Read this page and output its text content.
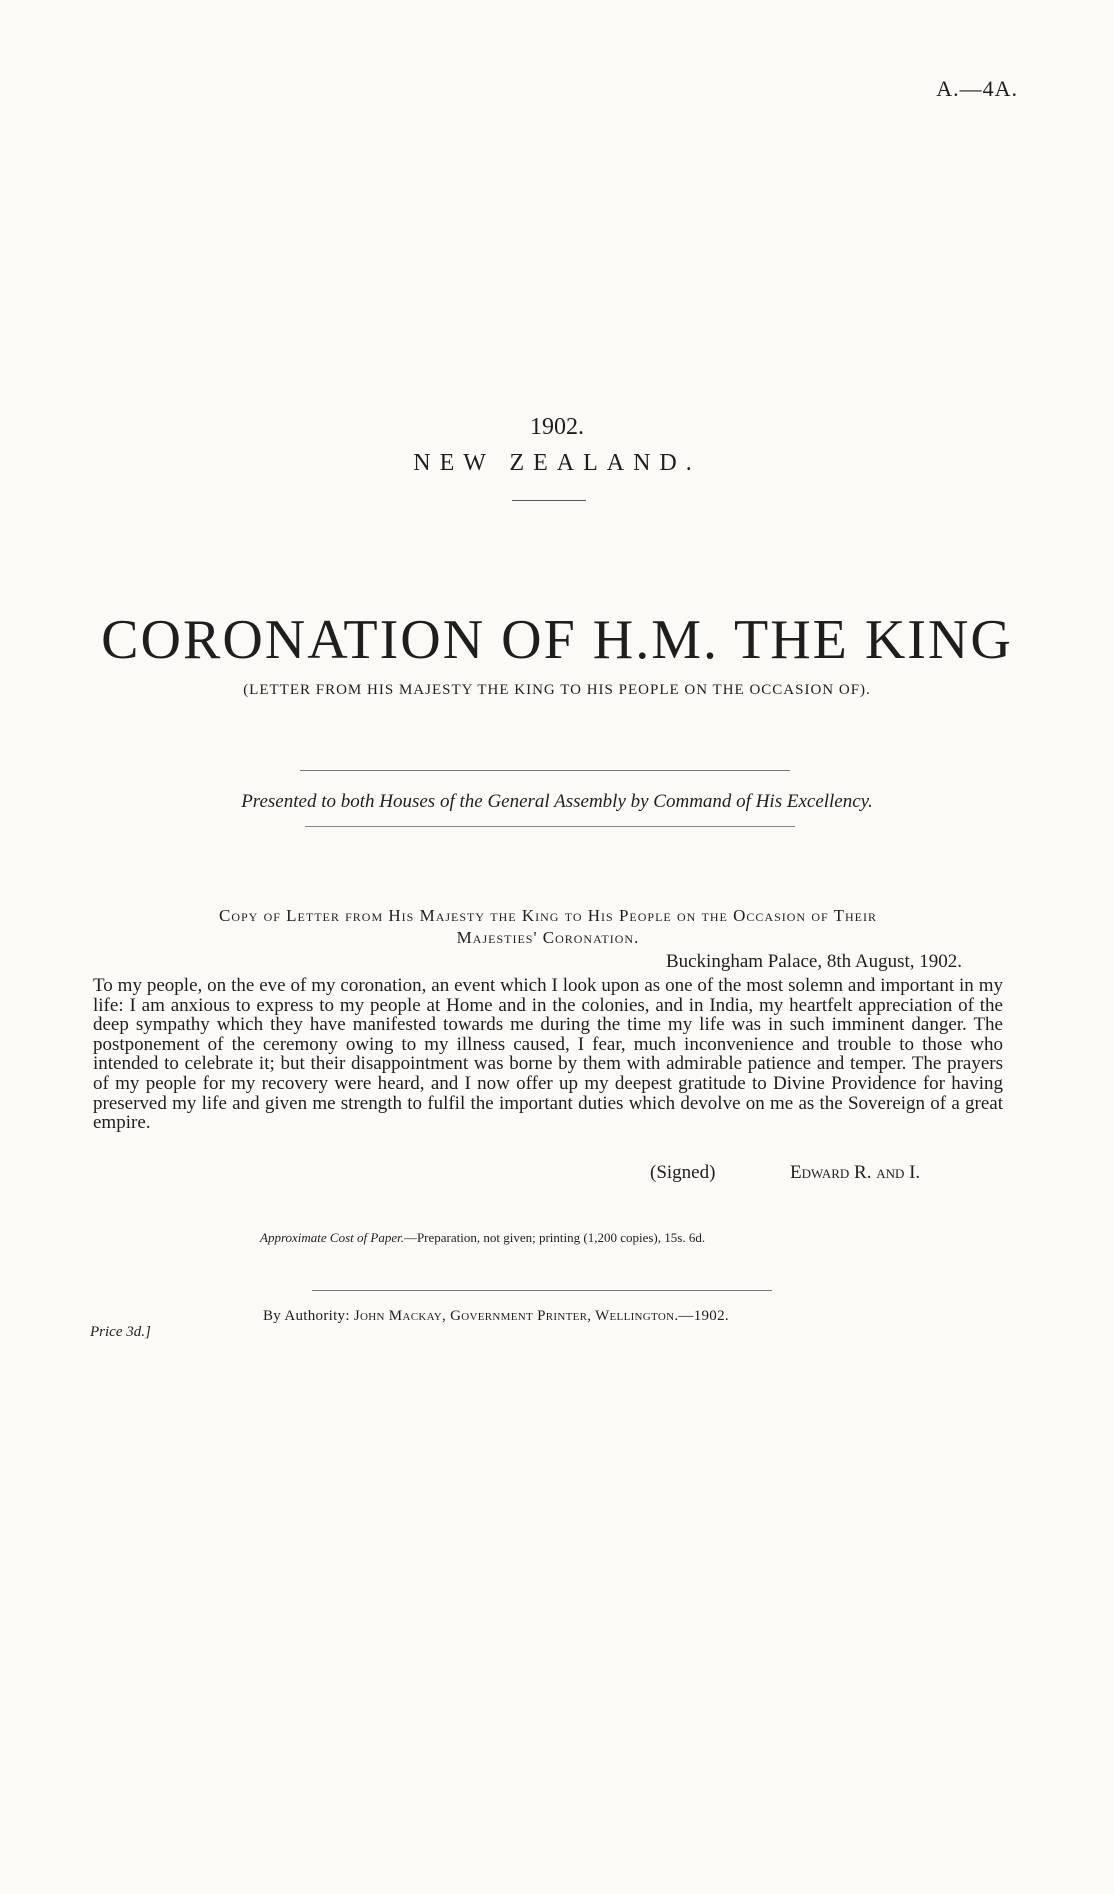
A.—4A.
1902.
NEW ZEALAND.
CORONATION OF H.M. THE KING
(LETTER FROM HIS MAJESTY THE KING TO HIS PEOPLE ON THE OCCASION OF).
Presented to both Houses of the General Assembly by Command of His Excellency.
Copy of Letter from His Majesty the King to His People on the Occasion of Their
Majesties' Coronation.
Buckingham Palace, 8th August, 1902.
To my people, on the eve of my coronation, an event which I look upon as one of the most solemn and important in my life: I am anxious to express to my people at Home and in the colonies, and in India, my heartfelt appreciation of the deep sympathy which they have manifested towards me during the time my life was in such imminent danger. The postponement of the ceremony owing to my illness caused, I fear, much inconvenience and trouble to those who intended to celebrate it; but their disappointment was borne by them with admirable patience and temper. The prayers of my people for my recovery were heard, and I now offer up my deepest gratitude to Divine Providence for having preserved my life and given me strength to fulfil the important duties which devolve on me as the Sovereign of a great empire.
(Signed)	Edward R. and I.
Approximate Cost of Paper.—Preparation, not given; printing (1,200 copies), 15s. 6d.
By Authority: John Mackay, Government Printer, Wellington.—1902.
Price 3d.]
